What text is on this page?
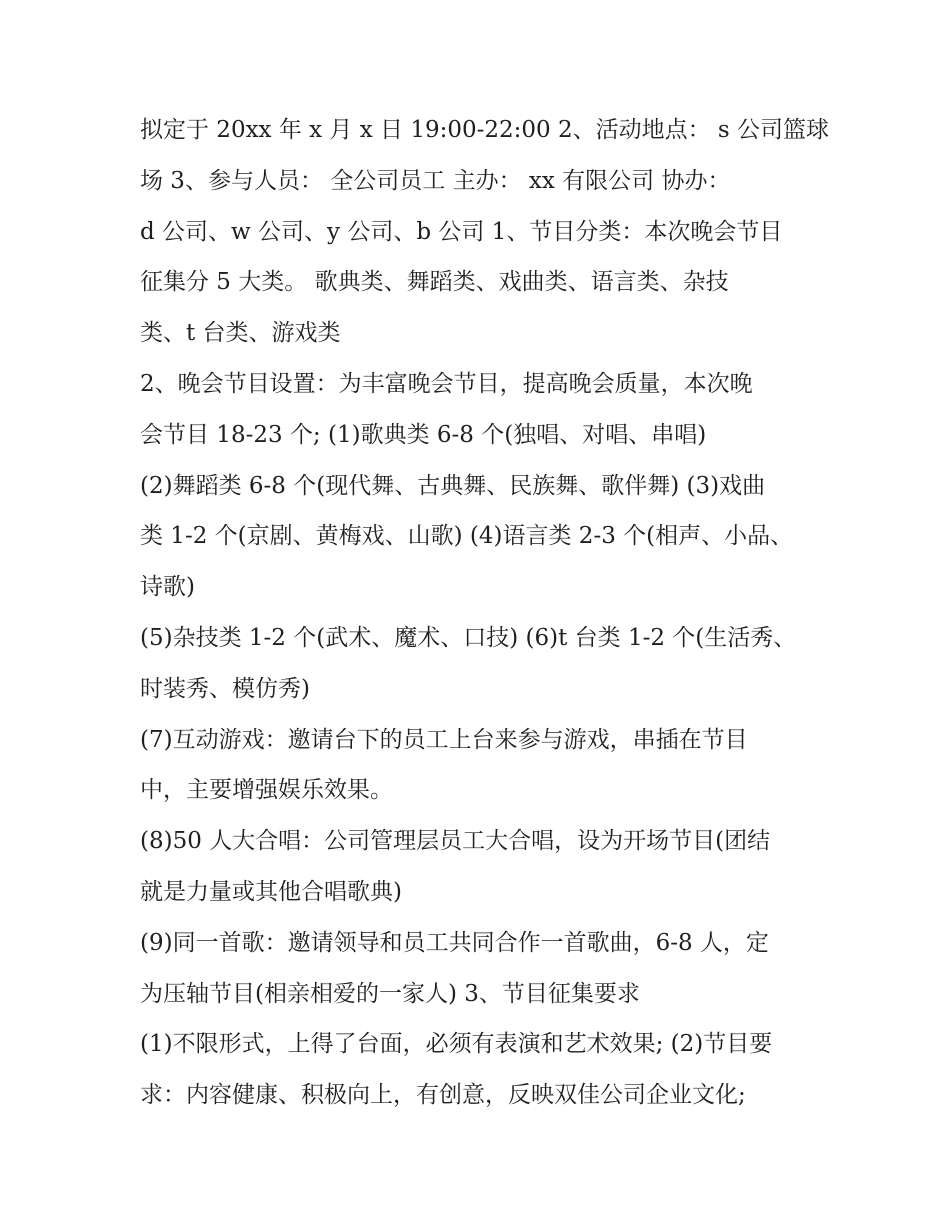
拟定于 20xx 年 x 月 x 日 19:00-22:00 2、活动地点： s 公司篮球

场 3、参与人员： 全公司员工 主办： xx 有限公司 协办：

d 公司、w 公司、y 公司、b 公司 1、节目分类：本次晚会节目

征集分 5 大类。 歌典类、舞蹈类、戏曲类、语言类、杂技

类、t 台类、游戏类

2、晚会节目设置：为丰富晚会节目，提高晚会质量，本次晚

会节目 18-23 个; (1)歌典类 6-8 个(独唱、对唱、串唱)

(2)舞蹈类 6-8 个(现代舞、古典舞、民族舞、歌伴舞) (3)戏曲

类 1-2 个(京剧、黄梅戏、山歌) (4)语言类 2-3 个(相声、小品、

诗歌)

(5)杂技类 1-2 个(武术、魔术、口技) (6)t 台类 1-2 个(生活秀、

时装秀、模仿秀)

(7)互动游戏：邀请台下的员工上台来参与游戏，串插在节目

中，主要增强娱乐效果。

(8)50 人大合唱：公司管理层员工大合唱，设为开场节目(团结

就是力量或其他合唱歌典)

(9)同一首歌：邀请领导和员工共同合作一首歌曲，6-8 人，定

为压轴节目(相亲相爱的一家人) 3、节目征集要求

(1)不限形式，上得了台面，必须有表演和艺术效果; (2)节目要

求：内容健康、积极向上，有创意，反映双佳公司企业文化;
